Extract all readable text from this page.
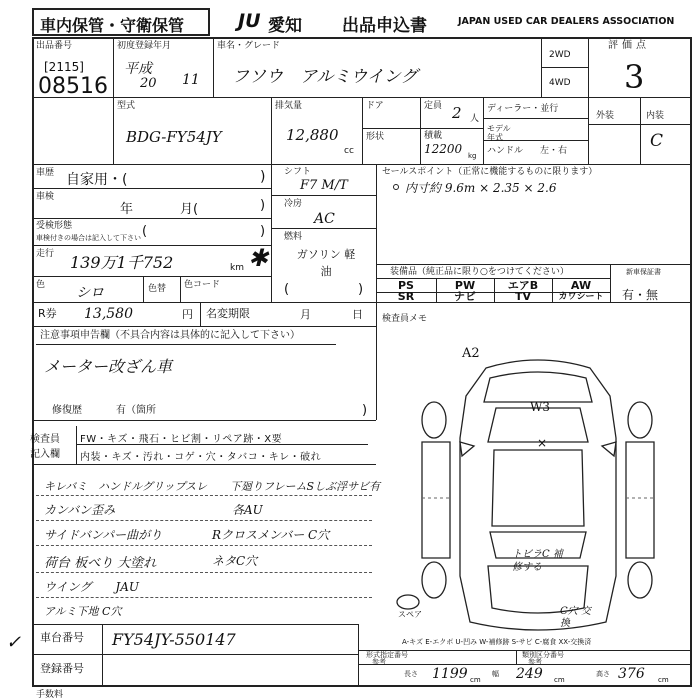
車内保管・守衛保管	JU 愛知 出品申込書	JAPAN USED CAR DEALERS ASSOCIATION
出品番号
[2115]
08516
初度登録年月
平成
20 11
車名・グレード
フソウ　アルミウイング
2WD
4WD
評価点
3
型式
BDG-FY54JY
排気量
12,880
cc
ドア
形状
定員 2 人
積載
12200 kg
ディーラー・並行
モデル年式
ハンドル 左・右
外装	内装
C
車歴 自家用・(	)
車検
年	月(	)
受検形態
車検付きの場合は記入して下さい (	)
走行 139万1千752	km ✱
色 シロ	色替 色コード
シフト
F7 M/T
冷房
AC
燃料
ガソリン 軽油
(	)
セールスポイント（正常に機能するものに限ります）
内寸約 9.6m × 2.35 × 2.6
装備品（純正品に限り○をつけてください）	新車保証書
有・無
PS	PW	エアB	AW
SR	ナビ	TV	カワシート
R券 13,580	円 名変期限	月	日 検査員メモ
注意事項申告欄（不具合内容は具体的に記入して下さい）
メーター改ざん車
修復歴	有（箇所	)
検査員記入欄
FW・キズ・飛石・ヒビ割・リペア跡・X要
内装・キズ・汚れ・コゲ・穴・タバコ・キレ・破れ
キレバミ　ハンドルグリップスレ 下廻りフレームSしぶ浮サビ有
カンバン歪み	各AU
サイドバンパー曲がり	Rクロスメンバー C穴
荷台 板べり 大塗れ	ネタC穴
ウイング　　JAU
アルミ下地 C穴
車台番号 FY54JY-550147
登録番号
✓
A2
W3
×
トビラC 補修する
C穴 交換
スペア
A-キズ E-エクボ U-凹み W-補修跡 S-サビ C-腐食 XX-交換済
形式指定番号
参考
類別区分番号
参考
長さ 1199 cm
幅 249 cm
高さ 376 cm
手数料
